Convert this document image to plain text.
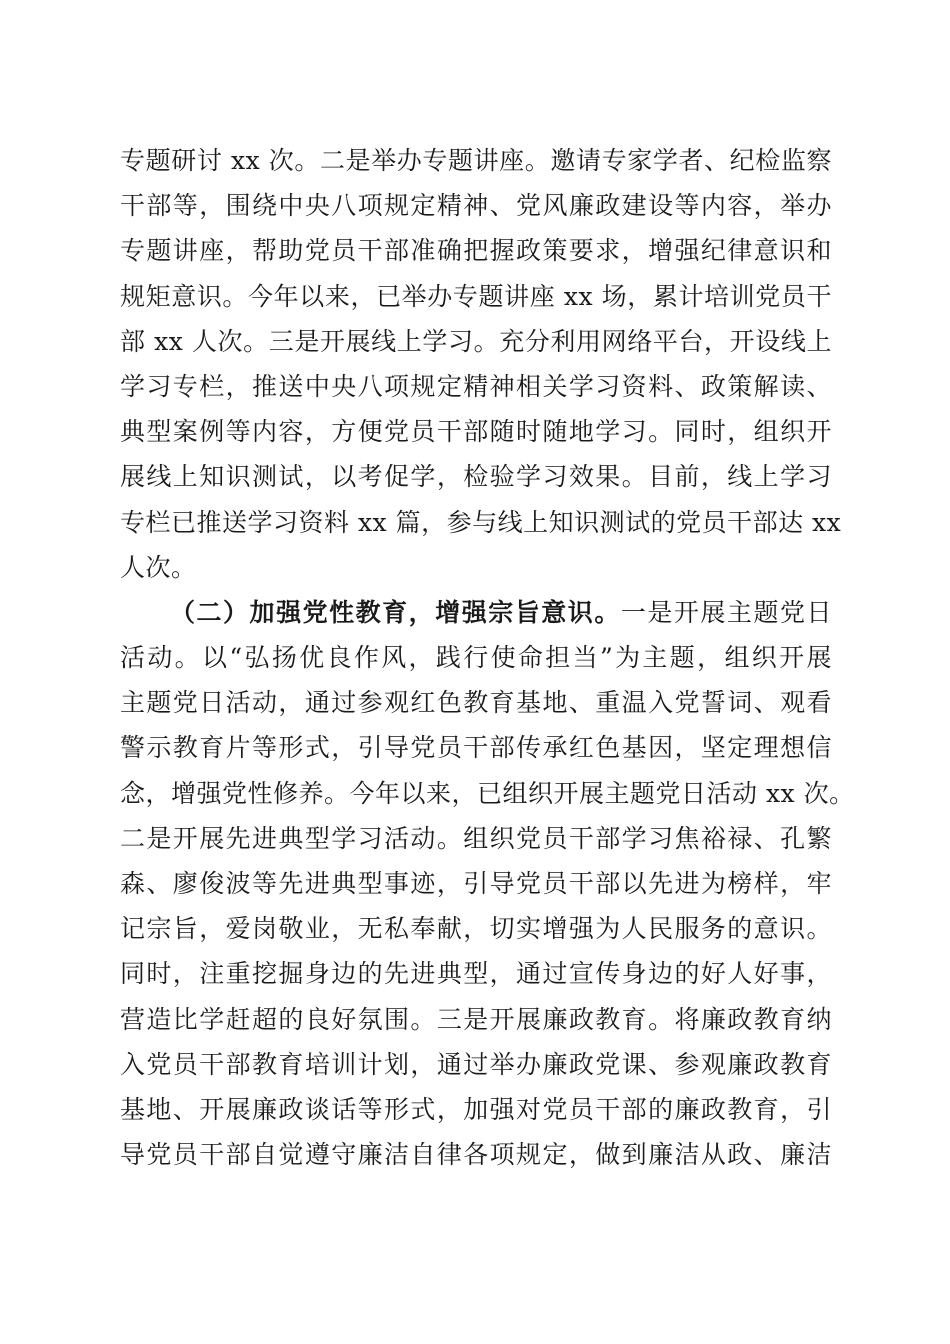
专题研讨 xx 次。二是举办专题讲座。邀请专家学者、纪检监察
干部等，围绕中央八项规定精神、党风廉政建设等内容，举办
专题讲座，帮助党员干部准确把握政策要求，增强纪律意识和
规矩意识。今年以来，已举办专题讲座 xx 场，累计培训党员干
部 xx 人次。三是开展线上学习。充分利用网络平台，开设线上
学习专栏，推送中央八项规定精神相关学习资料、政策解读、
典型案例等内容，方便党员干部随时随地学习。同时，组织开
展线上知识测试，以考促学，检验学习效果。目前，线上学习
专栏已推送学习资料 xx 篇，参与线上知识测试的党员干部达 xx
人次。
（二）加强党性教育，增强宗旨意识。一是开展主题党日
活动。以“弘扬优良作风，践行使命担当”为主题，组织开展
主题党日活动，通过参观红色教育基地、重温入党誓词、观看
警示教育片等形式，引导党员干部传承红色基因，坚定理想信
念，增强党性修养。今年以来，已组织开展主题党日活动 xx 次。
二是开展先进典型学习活动。组织党员干部学习焦裕禄、孔繁
森、廖俊波等先进典型事迹，引导党员干部以先进为榜样，牢
记宗旨，爱岗敬业，无私奉献，切实增强为人民服务的意识。
同时，注重挖掘身边的先进典型，通过宣传身边的好人好事，
营造比学赶超的良好氛围。三是开展廉政教育。将廉政教育纳
入党员干部教育培训计划，通过举办廉政党课、参观廉政教育
基地、开展廉政谈话等形式，加强对党员干部的廉政教育，引
导党员干部自觉遵守廉洁自律各项规定，做到廉洁从政、廉洁
